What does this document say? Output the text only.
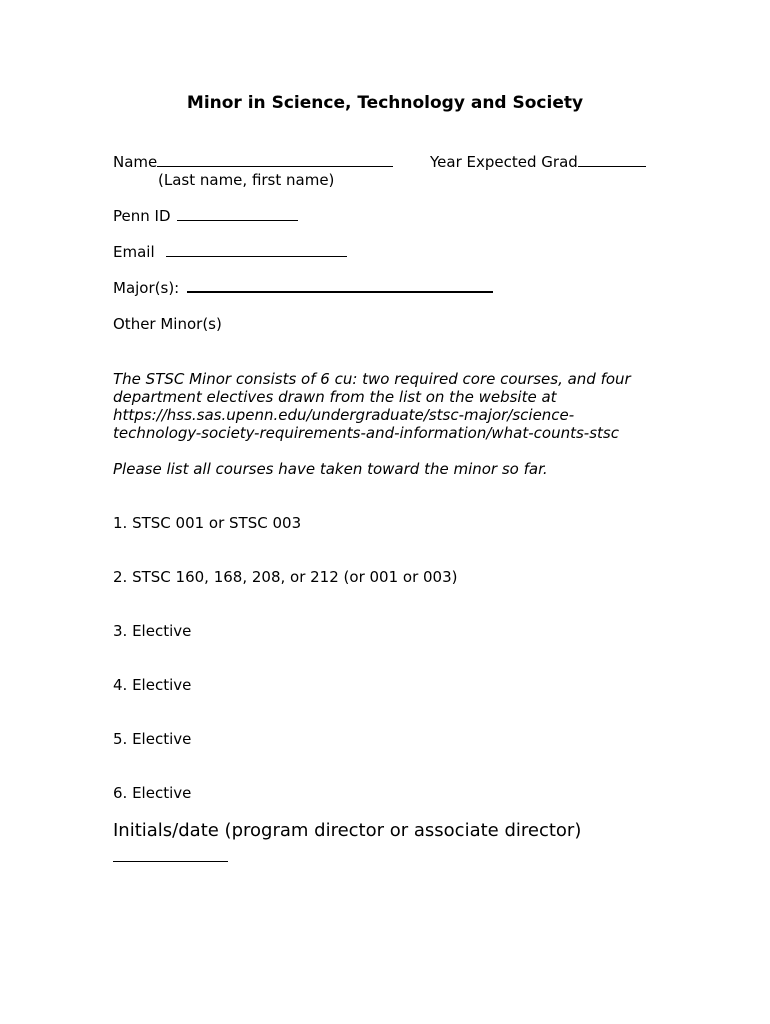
Minor in Science, Technology and Society
Name	Year Expected Grad
(Last name, first name)
Penn ID
Email
Major(s):
Other Minor(s)
The STSC Minor consists of 6 cu: two required core courses, and four
department electives drawn from the list on the website at
https://hss.sas.upenn.edu/undergraduate/stsc-major/science-
technology-society-requirements-and-information/what-counts-stsc
Please list all courses have taken toward the minor so far.
1. STSC 001 or STSC 003
2. STSC 160, 168, 208, or 212 (or 001 or 003)
3. Elective
4. Elective
5. Elective
6. Elective
Initials/date (program director or associate director)
